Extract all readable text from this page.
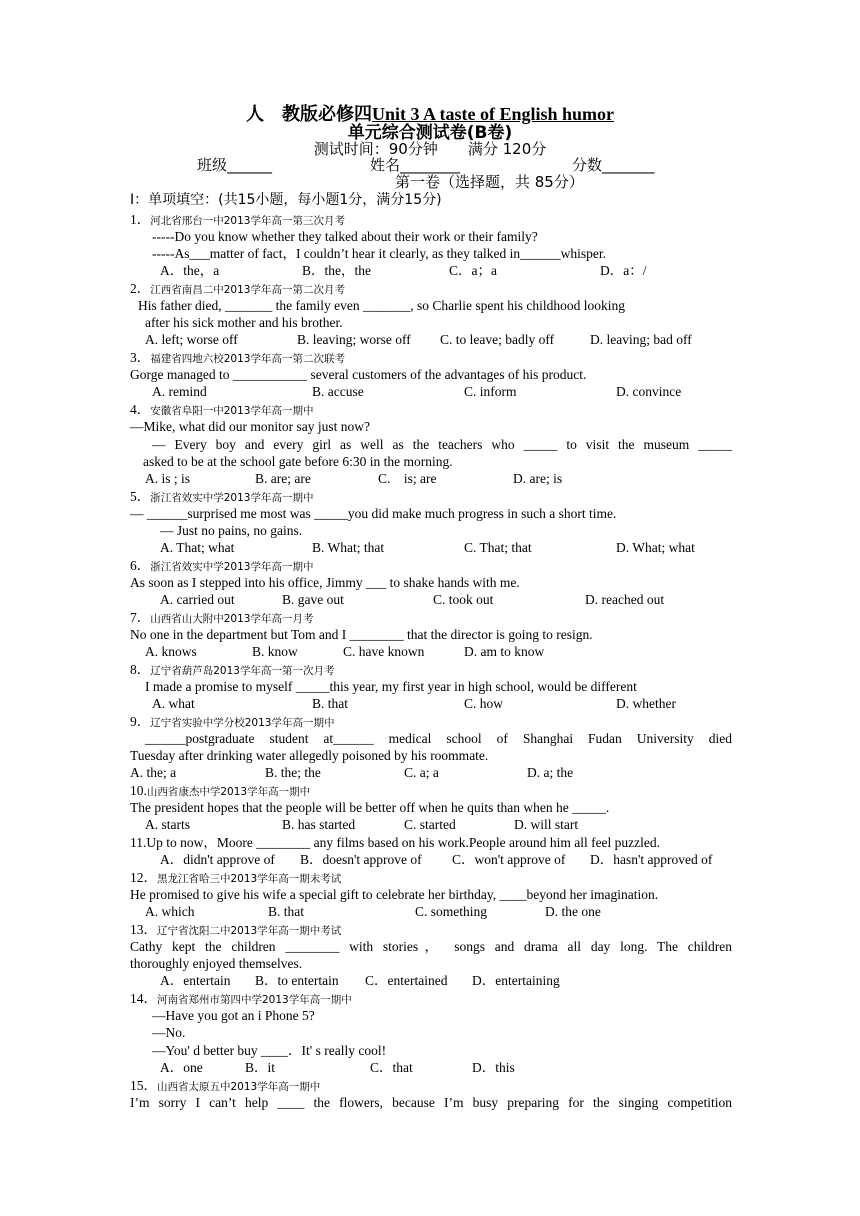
人　教版必修四Unit 3 A taste of English humor
单元综合测试卷(B卷)
测试时间：90分钟　　满分 120分
班级______	姓名________	分数_______
第一卷（选择题，共 85分）
I：单项填空：(共15小题，每小题1分，满分15分)
1．河北省邢台一中2013学年高一第三次月考
-----Do you know whether they talked about their work or their family?
-----As___matter of fact，I couldn’t hear it clearly, as they talked in______whisper.
A．the，a	B．the，the	C．a；a	D．a：/
2．江西省南昌二中2013学年高一第二次月考
His father died, _______ the family even _______, so Charlie spent his childhood looking
after his sick mother and his brother.
A. left; worse off	B. leaving; worse off C. to leave; badly off	D. leaving; bad off
3．福建省四地六校2013学年高一第二次联考
Gorge managed to ___________ several customers of the advantages of his product.
A. remind	B. accuse	C. inform	D. convince
4．安徽省阜阳一中2013学年高一期中
—Mike, what did our monitor say just now?
— Every boy and every girl as well as the teachers who _____ to visit the museum _____
asked to be at the school gate before 6:30 in the morning.
A. is ; is	B. are; are	C.　is; are	D. are; is
5．浙江省效实中学2013学年高一期中
— ______surprised me most was _____you did make much progress in such a short time.
— Just no pains, no gains.
A. That; what	B. What; that	C. That; that	D. What; what
6．浙江省效实中学2013学年高一期中
As soon as I stepped into his office, Jimmy ___ to shake hands with me.
A. carried out	B. gave out	C. took out	D. reached out
7．山西省山大附中2013学年高一月考
No one in the department but Tom and I ________ that the director is going to resign.
A. knows	B. know	C. have known	D. am to know
8．辽宁省葫芦岛2013学年高一第一次月考
I made a promise to myself _____this year, my first year in high school, would be different
A. what	B. that	C. how	D. whether
9．辽宁省实验中学分校2013学年高一期中
______postgraduate student at______ medical school of Shanghai Fudan University died
Tuesday after drinking water allegedly poisoned by his roommate.
A. the; a	B. the; the	C. a; a	D. a; the
10.山西省康杰中学2013学年高一期中
The president hopes that the people will be better off when he quits than when he _____.
A. starts	B. has started	C. started	D. will start
11.Up to now，Moore ________ any films based on his work.People around him all feel puzzled.
A．didn't approve of B．doesn't approve of C．won't approve of D．hasn't approved of
12．黑龙江省哈三中2013学年高一期末考试
He promised to give his wife a special gift to celebrate her birthday, ____beyond her imagination.
A. which	B. that	C. something	D. the one
13．辽宁省沈阳二中2013学年高一期中考试
Cathy kept the children ________ with stories， songs and drama all day long. The children
thoroughly enjoyed themselves.
A．entertain B．to entertain C．entertained D．entertaining
14．河南省郑州市第四中学2013学年高一期中
—Have you got an i Phone 5?
—No.
—You' d better buy ____．It' s really cool!
A．one	B．it	C．that	D．this
15．山西省太原五中2013学年高一期中
I’m sorry I can’t help ____ the flowers, because I’m busy preparing for the singing competition
